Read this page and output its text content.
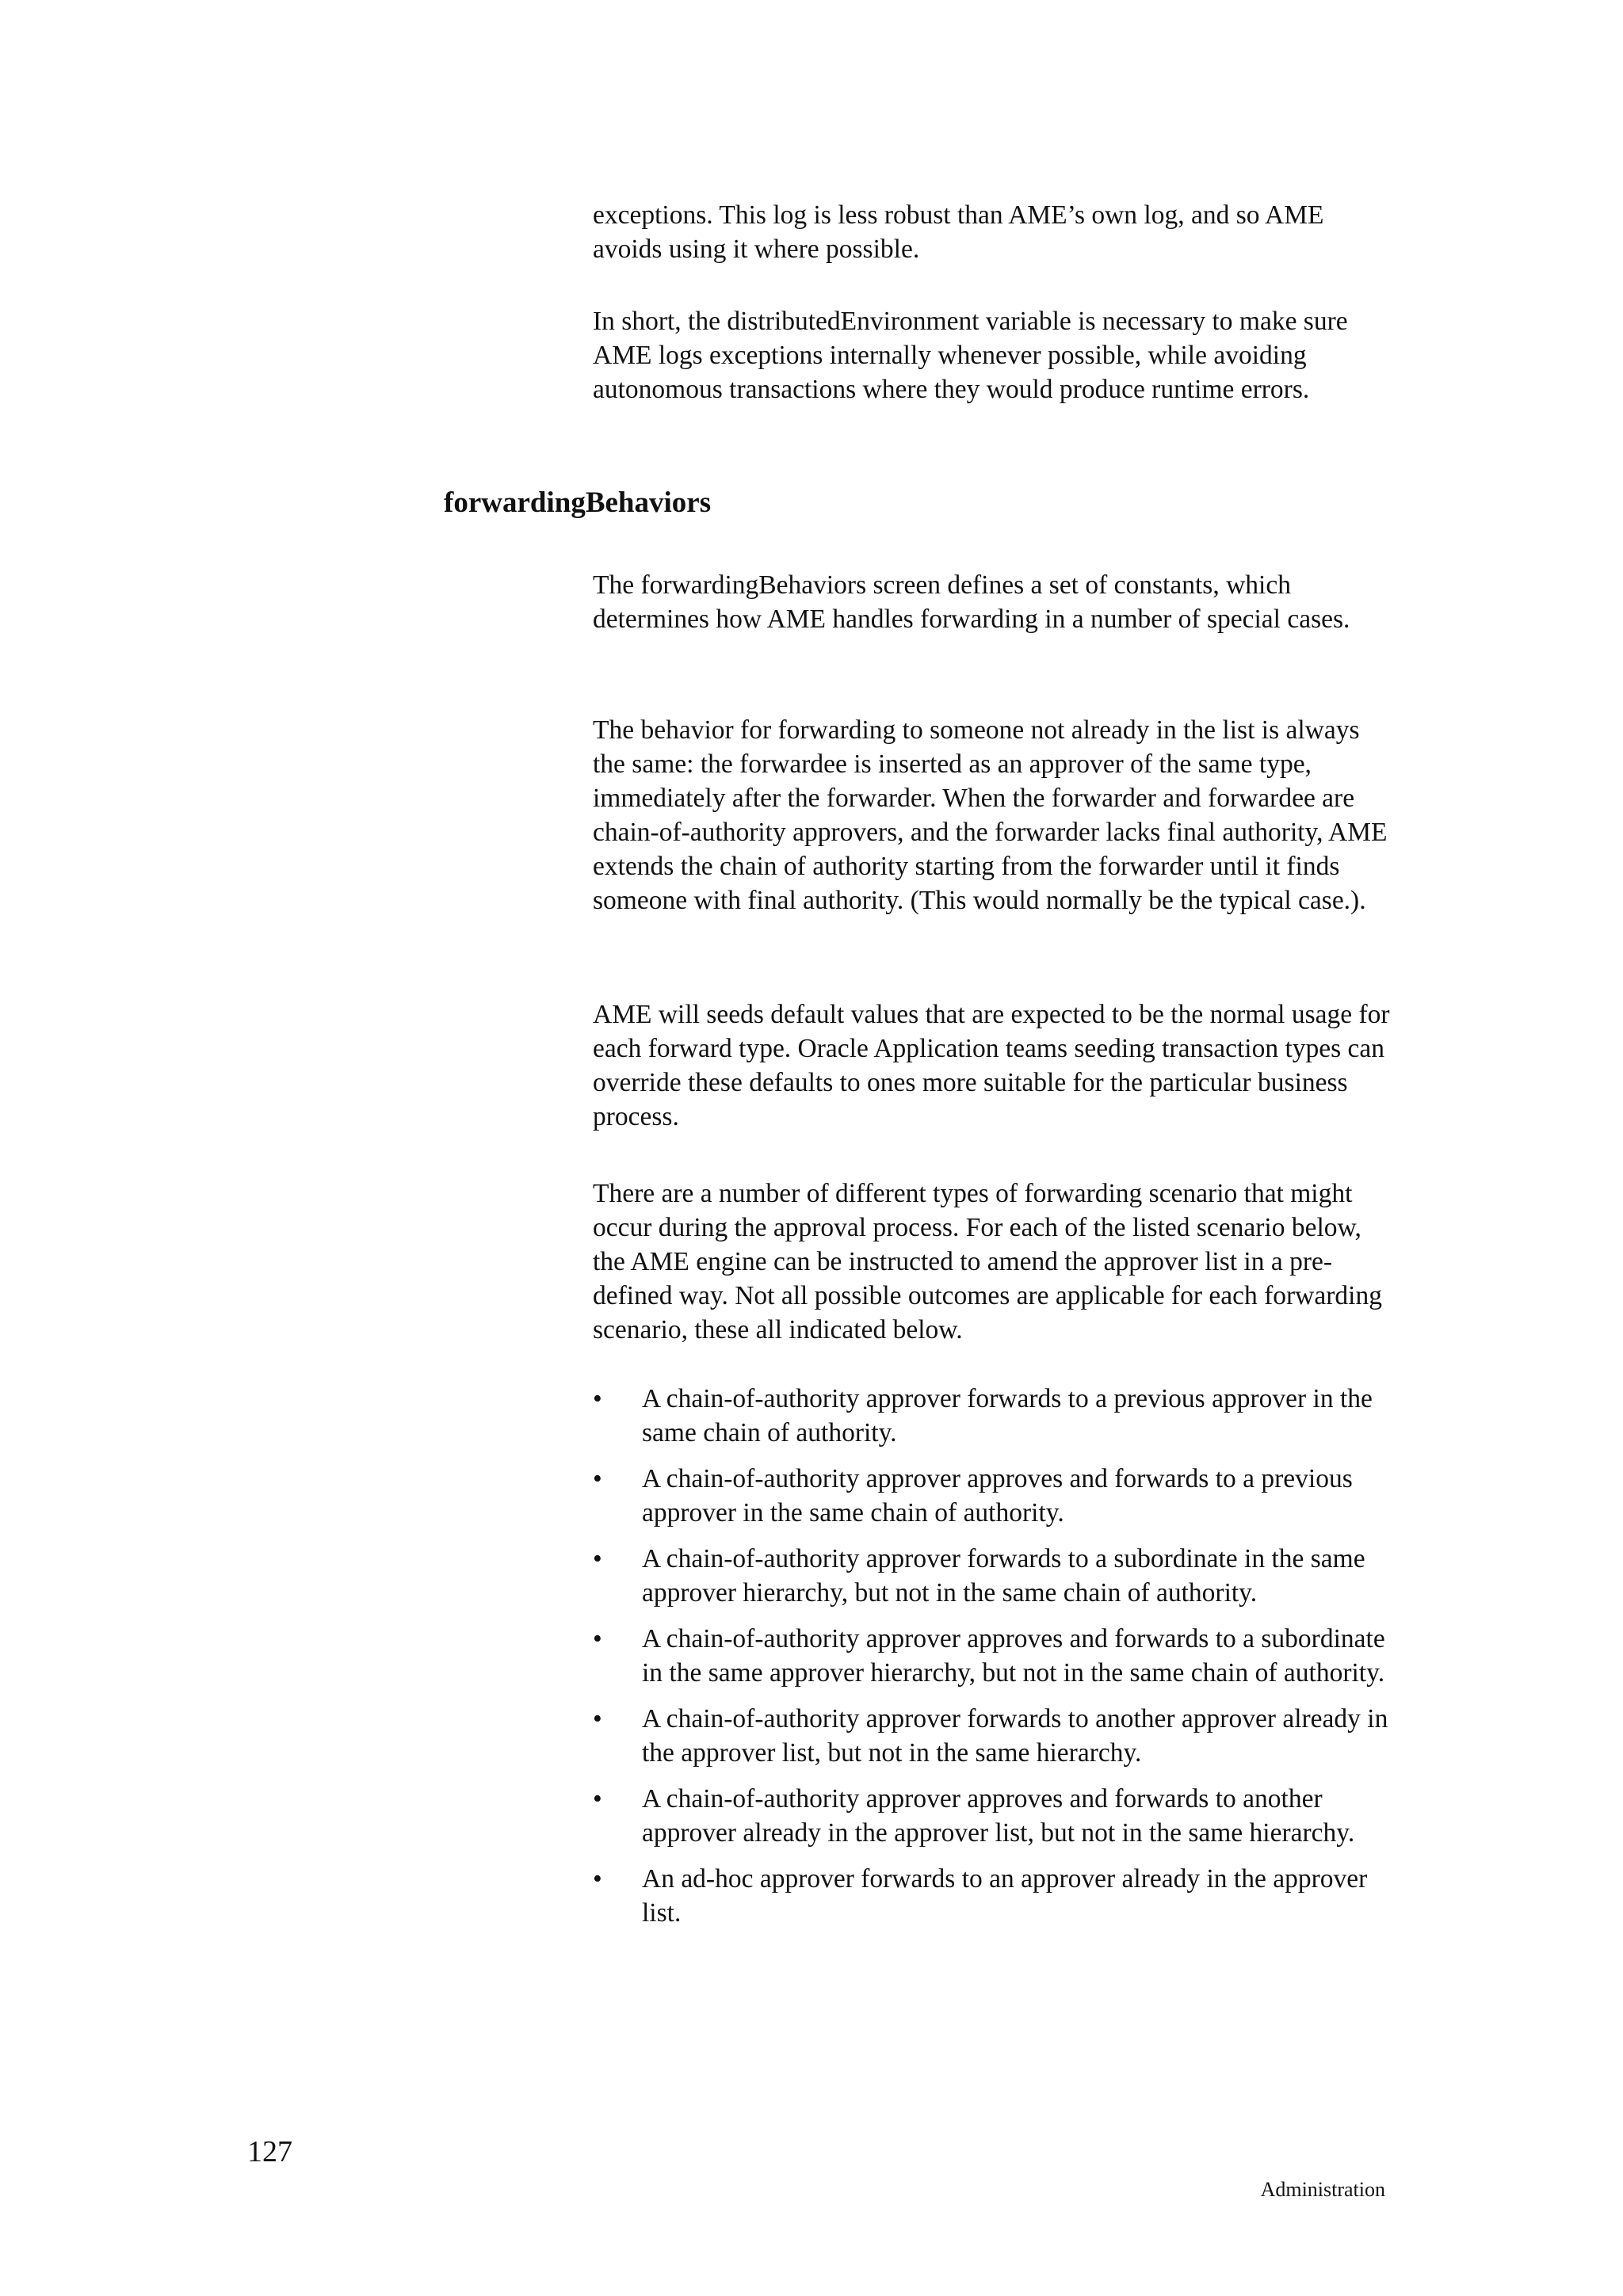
exceptions. This log is less robust than AME’s own log, and so AME avoids using it where possible.

In short, the distributedEnvironment variable is necessary to make sure AME logs exceptions internally whenever possible, while avoiding autonomous transactions where they would produce runtime errors.

forwardingBehaviors

The forwardingBehaviors screen defines a set of constants, which determines how AME handles forwarding in a number of special cases.

The behavior for forwarding to someone not already in the list is always the same: the forwardee is inserted as an approver of the same type, immediately after the forwarder. When the forwarder and forwardee are chain-of-authority approvers, and the forwarder lacks final authority, AME extends the chain of authority starting from the forwarder until it finds someone with final authority. (This would normally be the typical case.).

AME will seeds default values that are expected to be the normal usage for each forward type. Oracle Application teams seeding transaction types can override these defaults to ones more suitable for the particular business process.

There are a number of different types of forwarding scenario that might occur during the approval process. For each of the listed scenario below, the AME engine can be instructed to amend the approver list in a pre-defined way. Not all possible outcomes are applicable for each forwarding scenario, these all indicated below.

• A chain-of-authority approver forwards to a previous approver in the same chain of authority.
• A chain-of-authority approver approves and forwards to a previous approver in the same chain of authority.
• A chain-of-authority approver forwards to a subordinate in the same approver hierarchy, but not in the same chain of authority.
• A chain-of-authority approver approves and forwards to a subordinate in the same approver hierarchy, but not in the same chain of authority.
• A chain-of-authority approver forwards to another approver already in the approver list, but not in the same hierarchy.
• A chain-of-authority approver approves and forwards to another approver already in the approver list, but not in the same hierarchy.
• An ad-hoc approver forwards to an approver already in the approver list.

127

Administration
